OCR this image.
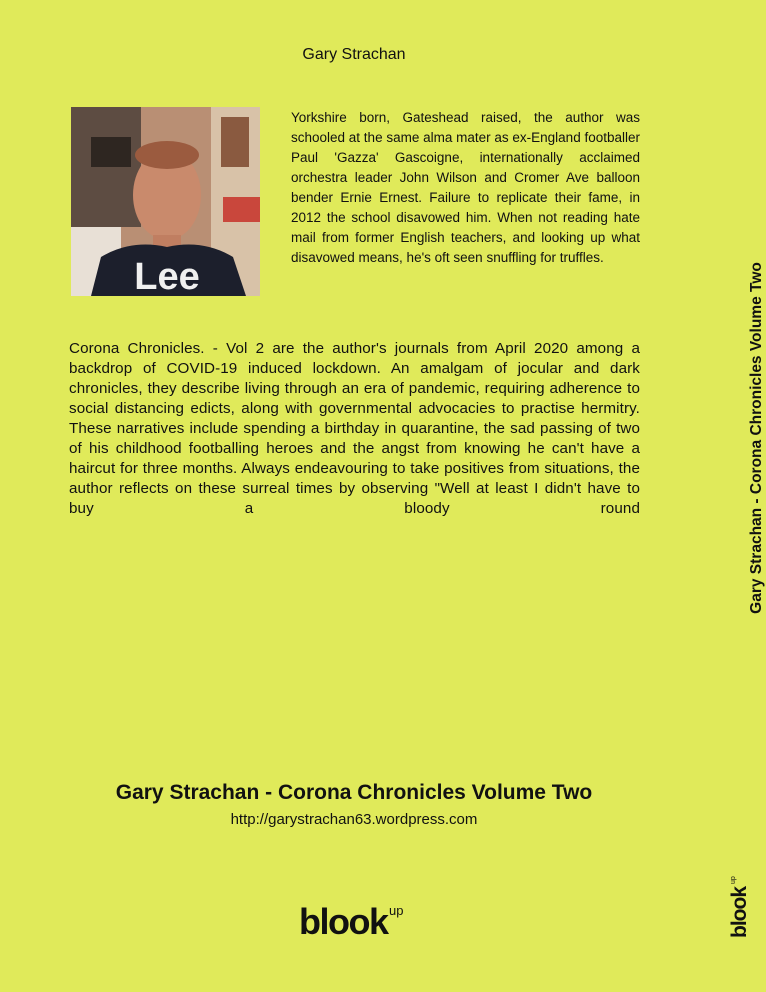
Gary Strachan
Lee

Yorkshire born, Gateshead raised, the author was schooled at the same alma mater as ex-England footballer Paul 'Gazza' Gascoigne, internationally acclaimed orchestra leader John Wilson and Cromer Ave balloon bender Ernie Ernest. Failure to replicate their fame, in 2012 the school disavowed him. When not reading hate mail from former English teachers, and looking up what disavowed means, he's oft seen snuffling for truffles.

Corona Chronicles. - Vol 2 are the author's journals from April 2020 among a backdrop of COVID-19 induced lockdown. An amalgam of jocular and dark chronicles, they describe living through an era of pandemic, requiring adherence to social distancing edicts, along with governmental advocacies to practise hermitry. These narratives include spending a birthday in quarantine, the sad passing of two of his childhood footballing heroes and the angst from knowing he can't have a haircut for three months. Always endeavouring to take positives from situations, the author reflects on these surreal times by observing "Well at least I didn't have to buy a bloody round

Gary Strachan - Corona Chronicles Volume Two
http://garystrachan63.wordpress.com
blook up
Gary Strachan - Corona Chronicles Volume Two
blook
up
